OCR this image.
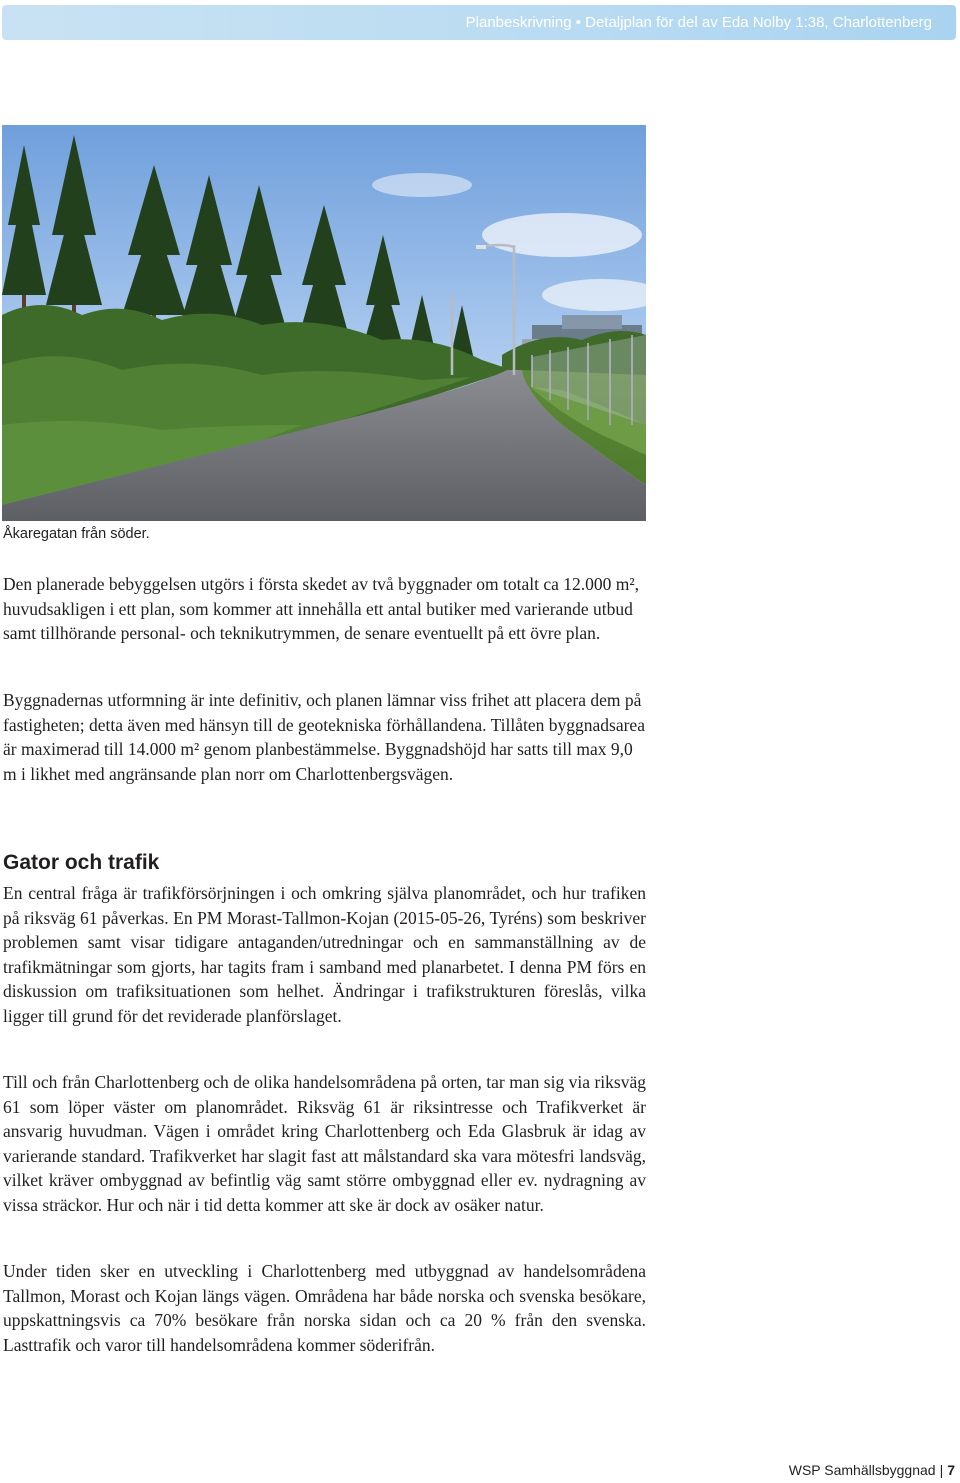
Planbeskrivning • Detaljplan för del av Eda Nolby 1:38, Charlottenberg
Åkaregatan från söder.

Den planerade bebyggelsen utgörs i första skedet av två byggnader om totalt ca 12.000 m², huvudsakligen i ett plan, som kommer att innehålla ett antal butiker med varierande utbud samt tillhörande personal- och teknikutrymmen, de senare eventuellt på ett övre plan.

Byggnadernas utformning är inte definitiv, och planen lämnar viss frihet att placera dem på fastigheten; detta även med hänsyn till de geotekniska förhållandena. Tillåten byggnadsarea är maximerad till 14.000 m² genom planbestämmelse. Byggnadshöjd har satts till max 9,0 m i likhet med angränsande plan norr om Charlottenbergsvägen.

Gator och trafik

En central fråga är trafikförsörjningen i och omkring själva planområdet, och hur trafiken på riksväg 61 påverkas. En PM Morast-Tallmon-Kojan (2015-05-26, Tyréns) som beskriver problemen samt visar tidigare antaganden/utredningar och en sammanställning av de trafikmätningar som gjorts, har tagits fram i samband med planarbetet. I denna PM förs en diskussion om trafiksituationen som helhet. Ändringar i trafikstrukturen föreslås, vilka ligger till grund för det reviderade planförslaget.

Till och från Charlottenberg och de olika handelsområdena på orten, tar man sig via riksväg 61 som löper väster om planområdet. Riksväg 61 är riksintresse och Trafikverket är ansvarig huvudman. Vägen i området kring Charlottenberg och Eda Glasbruk är idag av varierande standard. Trafikverket har slagit fast att målstandard ska vara mötesfri landsväg, vilket kräver ombyggnad av befintlig väg samt större ombyggnad eller ev. nydragning av vissa sträckor. Hur och när i tid detta kommer att ske är dock av osäker natur.

Under tiden sker en utveckling i Charlottenberg med utbyggnad av handelsområdena Tallmon, Morast och Kojan längs vägen. Områdena har både norska och svenska besökare, uppskattningsvis ca 70% besökare från norska sidan och ca 20 % från den svenska. Lasttrafik och varor till handelsområdena kommer söderifrån.

WSP Samhällsbyggnad | 7
